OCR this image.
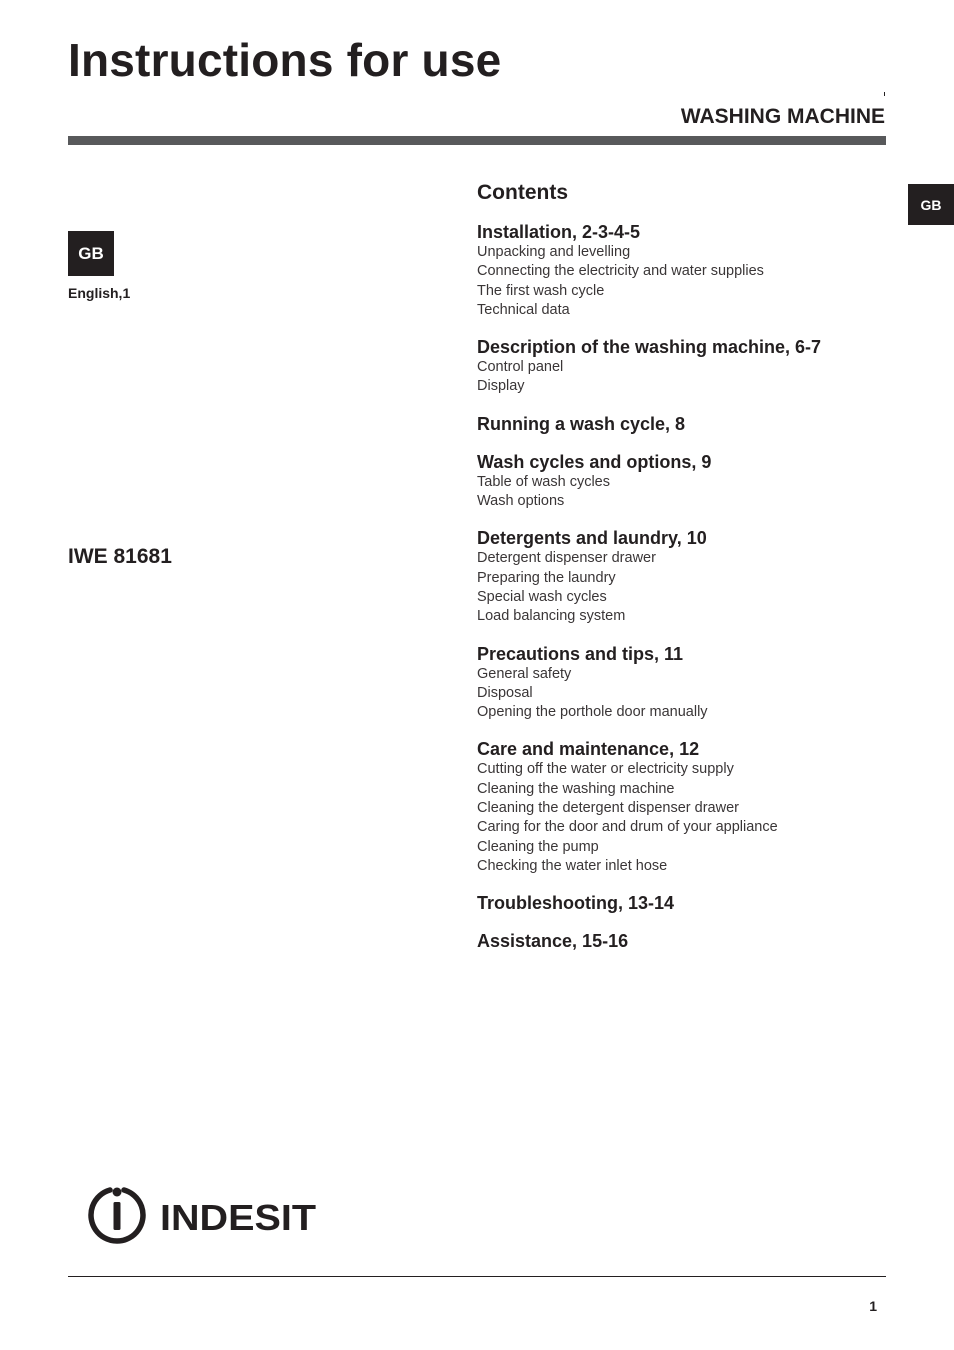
Instructions for use
WASHING MACHINE
GB
English,1
GB
IWE 81681
Contents
Installation, 2-3-4-5
Unpacking and levelling
Connecting the electricity and water supplies
The first wash cycle
Technical data
Description of the washing machine, 6-7
Control panel
Display
Running a wash cycle, 8
Wash cycles and options, 9
Table of wash cycles
Wash options
Detergents and laundry, 10
Detergent dispenser drawer
Preparing the laundry
Special wash cycles
Load balancing system
Precautions and tips, 11
General safety
Disposal
Opening the porthole door manually
Care and maintenance, 12
Cutting off the water or electricity supply
Cleaning the washing machine
Cleaning the detergent dispenser drawer
Caring for the door and drum of your appliance
Cleaning the pump
Checking the water inlet hose
Troubleshooting, 13-14
Assistance, 15-16
INDESIT
1
